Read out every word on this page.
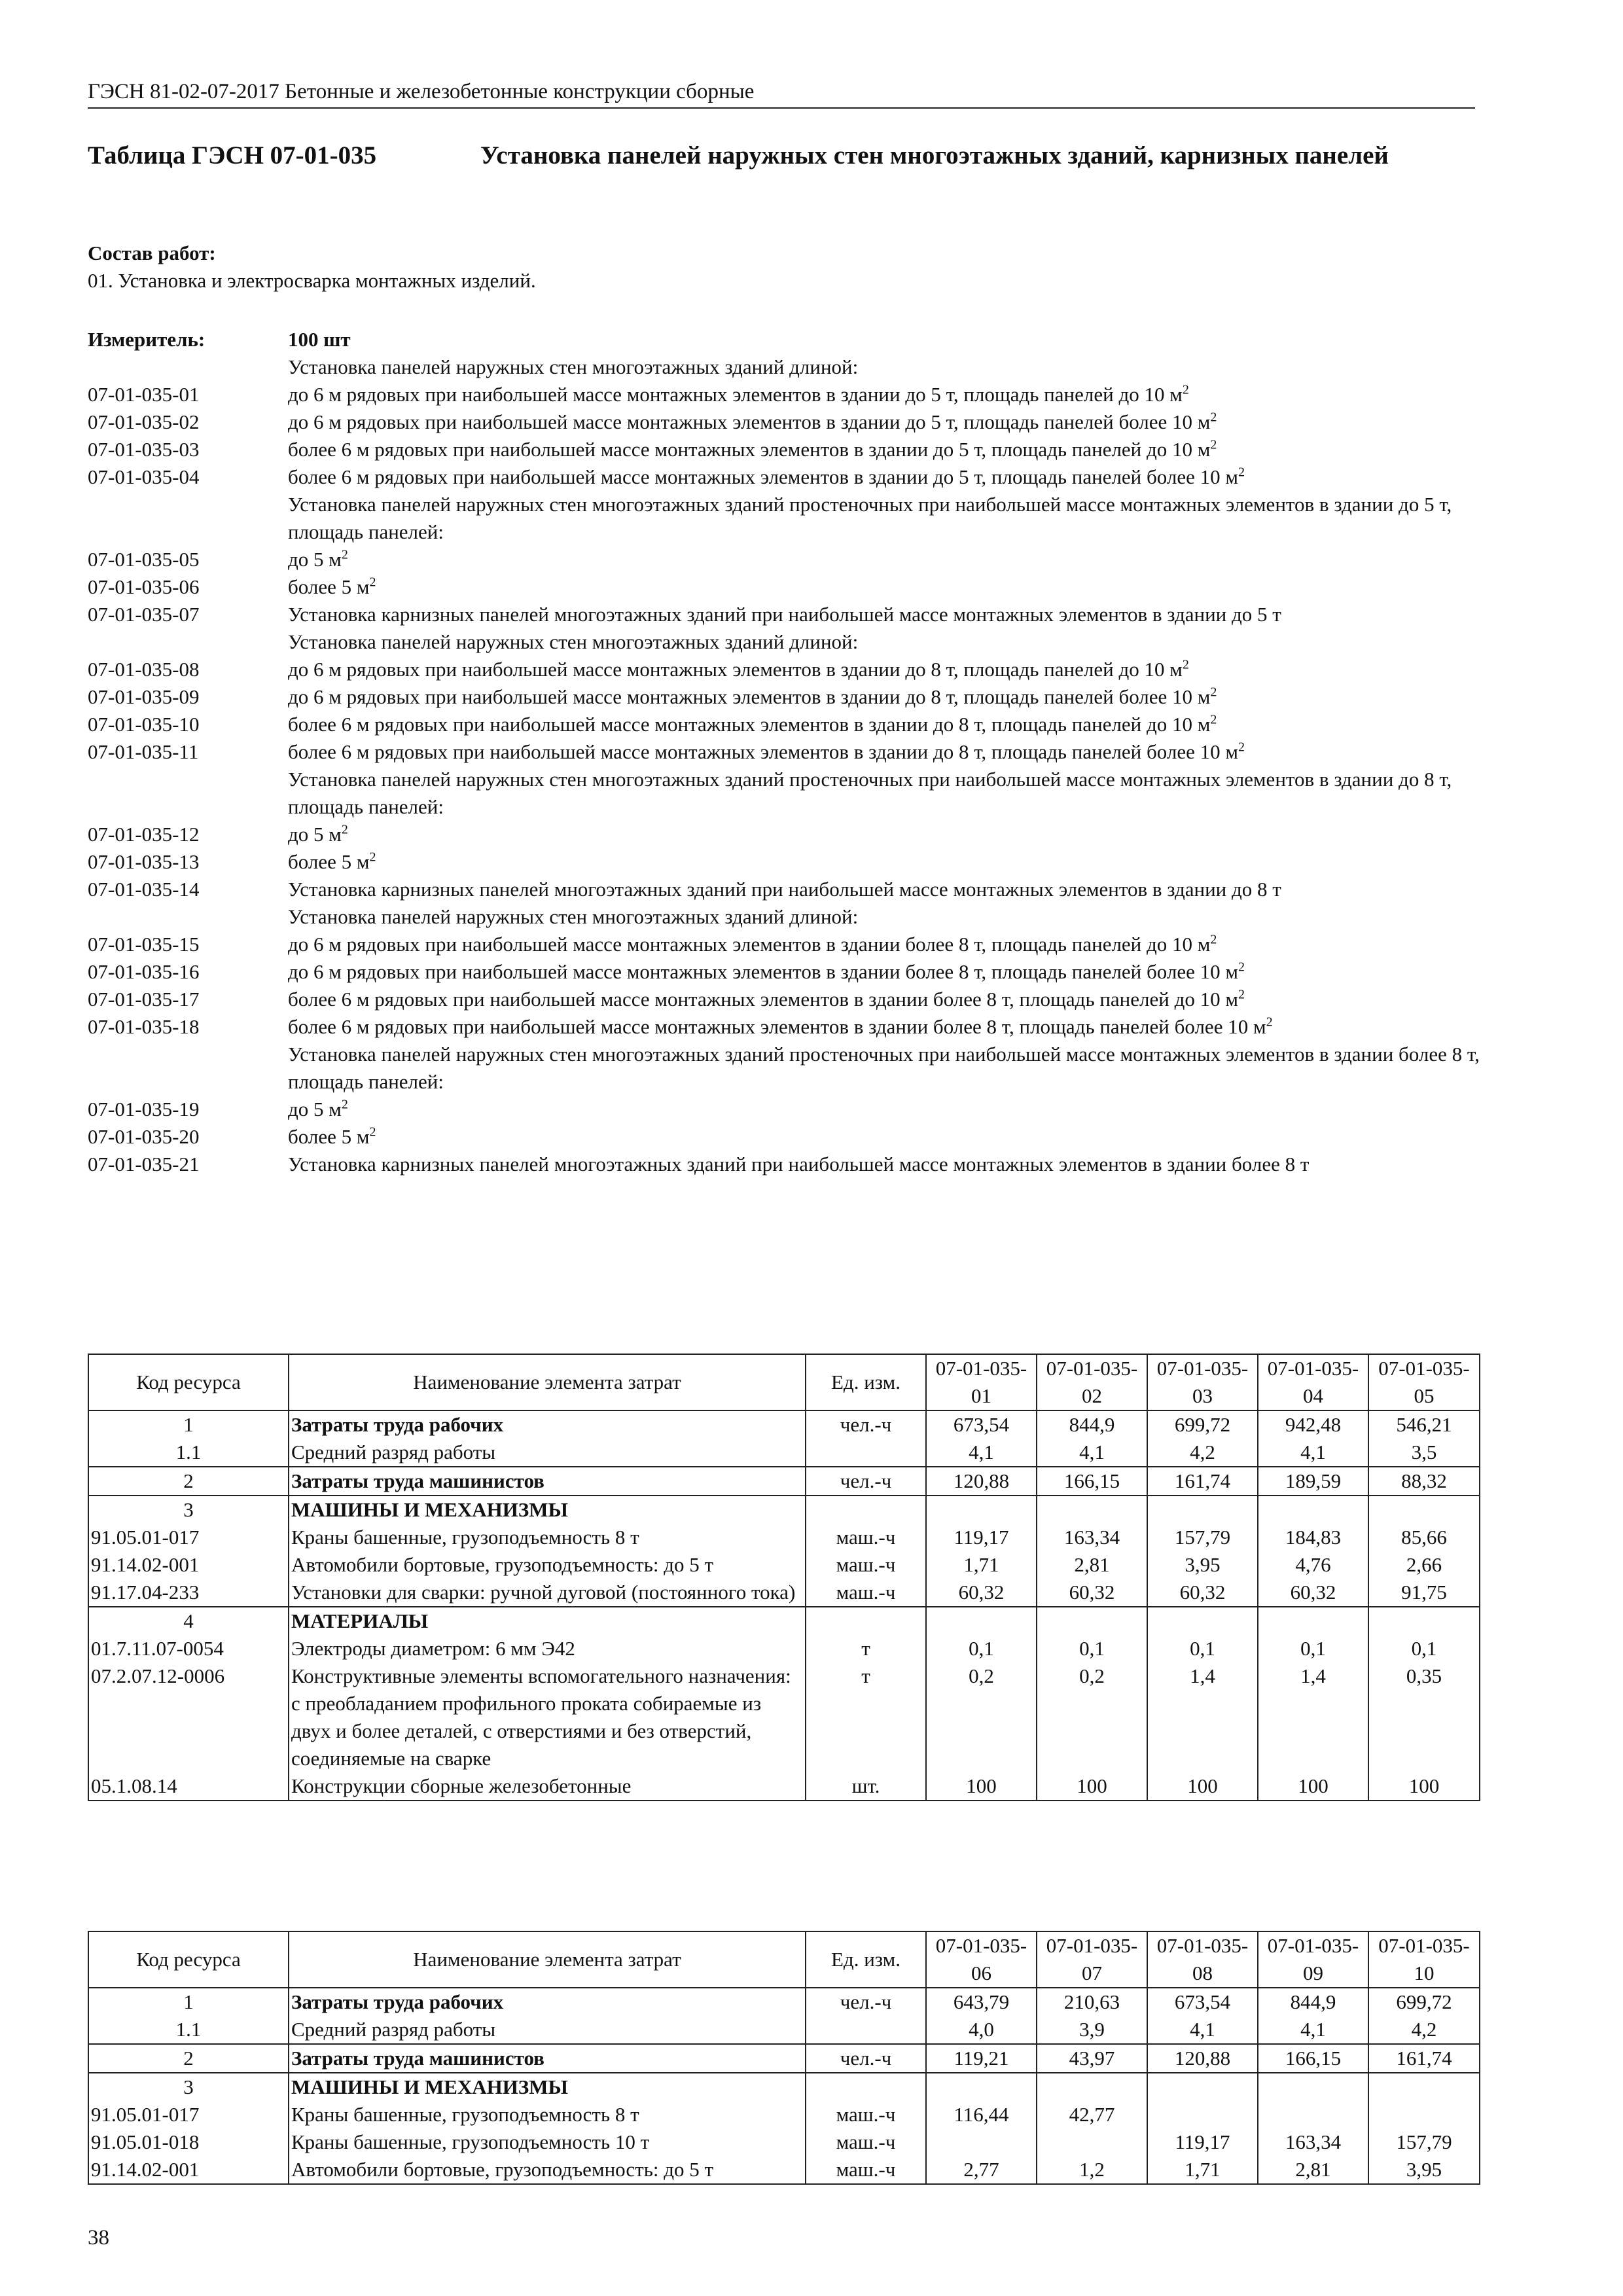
ГЭСН 81-02-07-2017 Бетонные и железобетонные конструкции сборные
Таблица ГЭСН 07-01-035	Установка панелей наружных стен многоэтажных зданий, карнизных панелей
Состав работ:
01. Установка и электросварка монтажных изделий.
Измеритель:	100 шт
Установка панелей наружных стен многоэтажных зданий длиной:
07-01-035-01	до 6 м рядовых при наибольшей массе монтажных элементов в здании до 5 т, площадь панелей до 10 $м^2$
07-01-035-02	до 6 м рядовых при наибольшей массе монтажных элементов в здании до 5 т, площадь панелей более 10 $м^2$
07-01-035-03	более 6 м рядовых при наибольшей массе монтажных элементов в здании до 5 т, площадь панелей до 10 $м^2$
07-01-035-04	более 6 м рядовых при наибольшей массе монтажных элементов в здании до 5 т, площадь панелей более 10 $м^2$
Установка панелей наружных стен многоэтажных зданий простеночных при наибольшей массе монтажных элементов в здании до 5 т, площадь панелей:
07-01-035-05	до 5 $м^2$
07-01-035-06	более 5 $м^2$
07-01-035-07	Установка карнизных панелей многоэтажных зданий при наибольшей массе монтажных элементов в здании до 5 т
Установка панелей наружных стен многоэтажных зданий длиной:
07-01-035-08	до 6 м рядовых при наибольшей массе монтажных элементов в здании до 8 т, площадь панелей до 10 $м^2$
07-01-035-09	до 6 м рядовых при наибольшей массе монтажных элементов в здании до 8 т, площадь панелей более 10 $м^2$
07-01-035-10	более 6 м рядовых при наибольшей массе монтажных элементов в здании до 8 т, площадь панелей до 10 $м^2$
07-01-035-11	более 6 м рядовых при наибольшей массе монтажных элементов в здании до 8 т, площадь панелей более 10 $м^2$
Установка панелей наружных стен многоэтажных зданий простеночных при наибольшей массе монтажных элементов в здании до 8 т, площадь панелей:
07-01-035-12	до 5 $м^2$
07-01-035-13	более 5 $м^2$
07-01-035-14	Установка карнизных панелей многоэтажных зданий при наибольшей массе монтажных элементов в здании до 8 т
Установка панелей наружных стен многоэтажных зданий длиной:
07-01-035-15	до 6 м рядовых при наибольшей массе монтажных элементов в здании более 8 т, площадь панелей до 10 $м^2$
07-01-035-16	до 6 м рядовых при наибольшей массе монтажных элементов в здании более 8 т, площадь панелей более 10 $м^2$
07-01-035-17	более 6 м рядовых при наибольшей массе монтажных элементов в здании более 8 т, площадь панелей до 10 $м^2$
07-01-035-18	более 6 м рядовых при наибольшей массе монтажных элементов в здании более 8 т, площадь панелей более 10 $м^2$
Установка панелей наружных стен многоэтажных зданий простеночных при наибольшей массе монтажных элементов в здании более 8 т, площадь панелей:
07-01-035-19	до 5 $м^2$
07-01-035-20	более 5 $м^2$
07-01-035-21	Установка карнизных панелей многоэтажных зданий при наибольшей массе монтажных элементов в здании более 8 т
Код ресурса	Наименование элемента затрат	Ед. изм.	07-01-035-01	07-01-035-02	07-01-035-03	07-01-035-04	07-01-035-05
1	Затраты труда рабочих	чел.-ч	673,54	844,9	699,72	942,48	546,21
1.1	Средний разряд работы		4,1	4,1	4,2	4,1	3,5
2	Затраты труда машинистов	чел.-ч	120,88	166,15	161,74	189,59	88,32
3	МАШИНЫ И МЕХАНИЗМЫ						
91.05.01-017	Краны башенные, грузоподъемность 8 т	маш.-ч	119,17	163,34	157,79	184,83	85,66
91.14.02-001	Автомобили бортовые, грузоподъемность: до 5 т	маш.-ч	1,71	2,81	3,95	4,76	2,66
91.17.04-233	Установки для сварки: ручной дуговой (постоянного тока)	маш.-ч	60,32	60,32	60,32	60,32	91,75
4	МАТЕРИАЛЫ						
01.7.11.07-0054	Электроды диаметром: 6 мм Э42	т	0,1	0,1	0,1	0,1	0,1
07.2.07.12-0006	Конструктивные элементы вспомогательного назначения: с преобладанием профильного проката собираемые из двух и более деталей, с отверстиями и без отверстий, соединяемые на сварке	т	0,2	0,2	1,4	1,4	0,35
05.1.08.14	Конструкции сборные железобетонные	шт.	100	100	100	100	100
Код ресурса	Наименование элемента затрат	Ед. изм.	07-01-035-06	07-01-035-07	07-01-035-08	07-01-035-09	07-01-035-10
1	Затраты труда рабочих	чел.-ч	643,79	210,63	673,54	844,9	699,72
1.1	Средний разряд работы		4,0	3,9	4,1	4,1	4,2
2	Затраты труда машинистов	чел.-ч	119,21	43,97	120,88	166,15	161,74
3	МАШИНЫ И МЕХАНИЗМЫ						
91.05.01-017	Краны башенные, грузоподъемность 8 т	маш.-ч	116,44	42,77			
91.05.01-018	Краны башенные, грузоподъемность 10 т	маш.-ч			119,17	163,34	157,79
91.14.02-001	Автомобили бортовые, грузоподъемность: до 5 т	маш.-ч	2,77	1,2	1,71	2,81	3,95
38
